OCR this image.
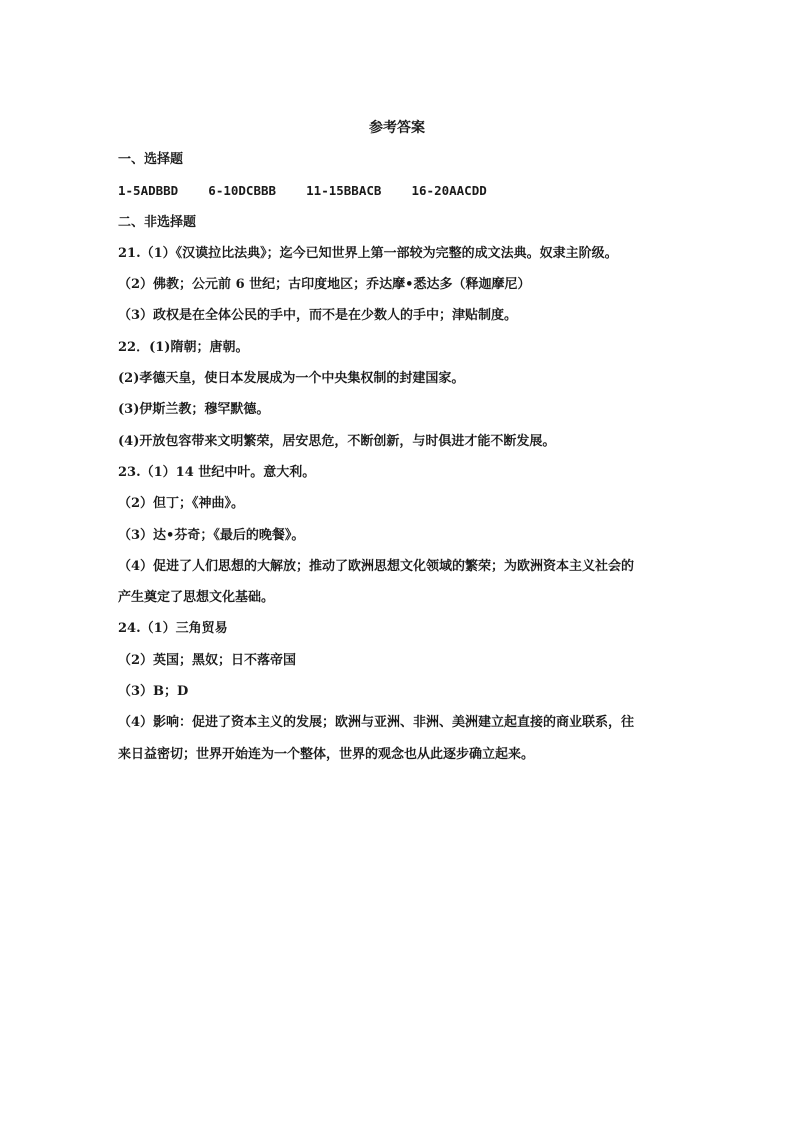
参考答案
一、选择题
1-5ADBBD    6-10DCBBB    11-15BBACB    16-20AACDD
二、非选择题
21.（1）《汉谟拉比法典》；迄今已知世界上第一部较为完整的成文法典。奴隶主阶级。
（2）佛教；公元前 6 世纪；古印度地区；乔达摩•悉达多（释迦摩尼）
（3）政权是在全体公民的手中，而不是在少数人的手中；津贴制度。
22．(1)隋朝；唐朝。
(2)孝德天皇，使日本发展成为一个中央集权制的封建国家。
(3)伊斯兰教；穆罕默德。
(4)开放包容带来文明繁荣，居安思危，不断创新，与时俱进才能不断发展。
23.（1）14 世纪中叶。意大利。
（2）但丁；《神曲》。
（3）达•芬奇；《最后的晚餐》。
（4）促进了人们思想的大解放；推动了欧洲思想文化领域的繁荣；为欧洲资本主义社会的
产生奠定了思想文化基础。
24.（1）三角贸易
（2）英国；黑奴；日不落帝国
（3）B；D
（4）影响：促进了资本主义的发展；欧洲与亚洲、非洲、美洲建立起直接的商业联系，往
来日益密切；世界开始连为一个整体，世界的观念也从此逐步确立起来。
